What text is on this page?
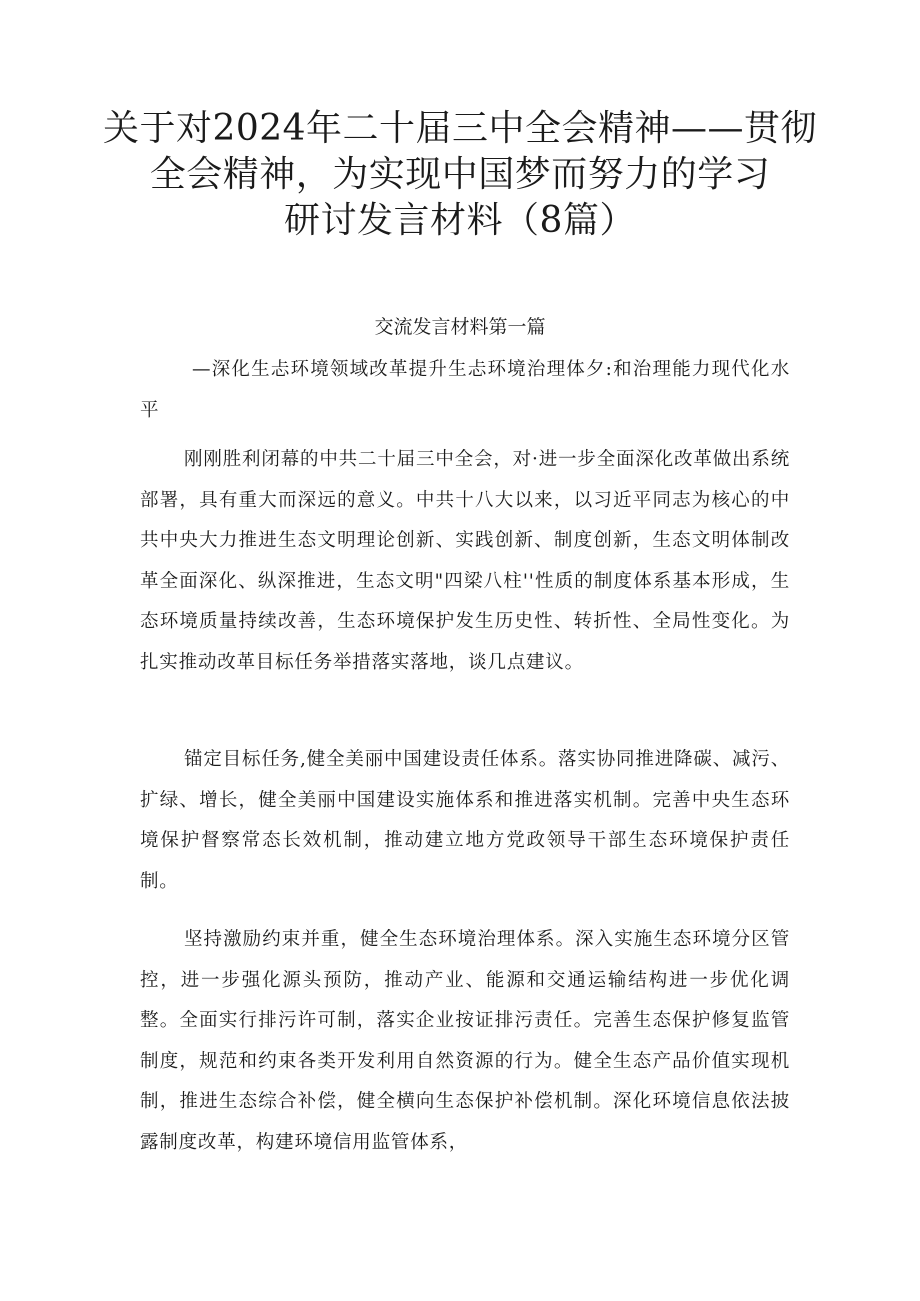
关于对2024年二十届三中全会精神——贯彻
全会精神，为实现中国梦而努力的学习
研讨发言材料（8篇）
交流发言材料第一篇
—深化生忐环境领域改革提升生忐环境治理体夕:和治理能力现代化水平
刚刚胜利闭幕的中共二十届三中全会，对·进一步全面深化改革做出系统部署，具有重大而深远的意义。中共十八大以来，以习近平同志为核心的中共中央大力推进生态文明理论创新、实践创新、制度创新，生态文明体制改革全面深化、纵深推进，生态文明"四梁八柱''性质的制度体系基本形成，生态环境质量持续改善，生态环境保护发生历史性、转折性、全局性变化。为扎实推动改革目标任务举措落实落地，谈几点建议。
锚定目标任务,健全美丽中国建设责任体系。落实协同推进降碳、减污、扩绿、增长，健全美丽中国建设实施体系和推进落实机制。完善中央生态环境保护督察常态长效机制，推动建立地方党政领导干部生态环境保护责任制。
坚持激励约束并重，健全生态环境治理体系。深入实施生态环境分区管控，进一步强化源头预防，推动产业、能源和交通运输结构进一步优化调整。全面实行排污许可制，落实企业按证排污责任。完善生态保护修复监管制度，规范和约束各类开发利用自然资源的行为。健全生态产品价值实现机制，推进生态综合补偿，健全横向生态保护补偿机制。深化环境信息依法披露制度改革，构建环境信用监管体系，
